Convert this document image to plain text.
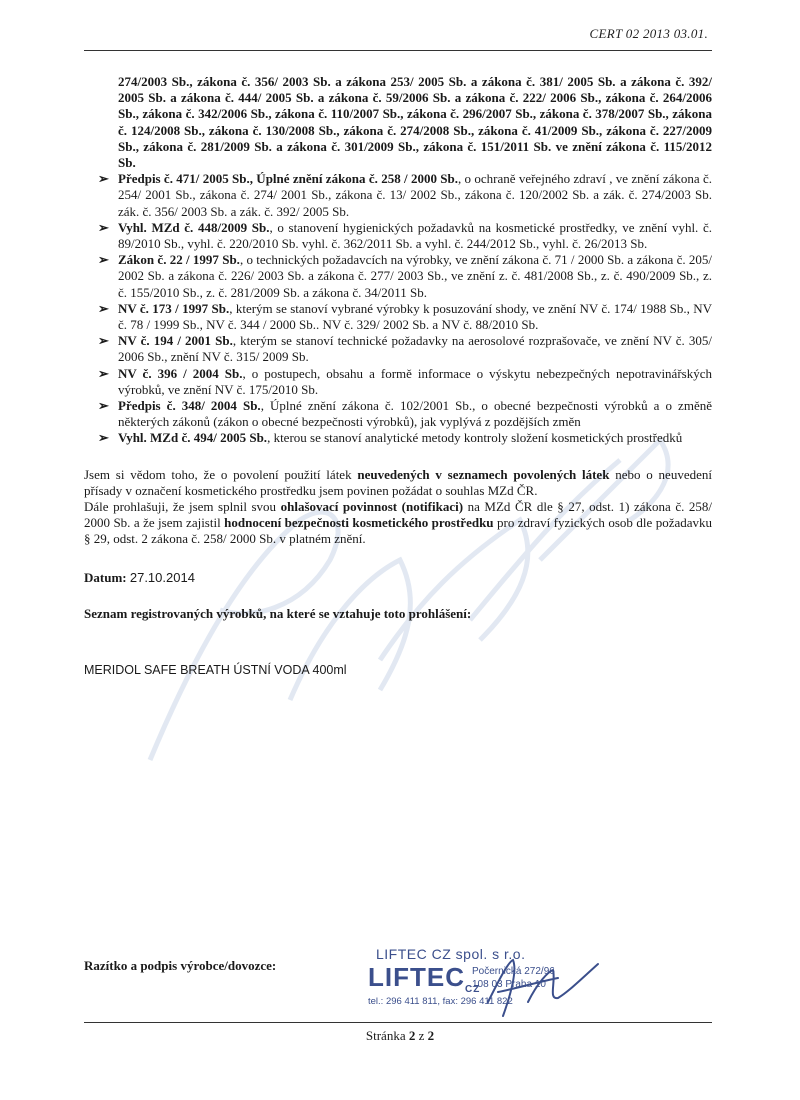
CERT 02 2013 03.01.

274/2003 Sb., zákona č. 356/ 2003 Sb. a zákona 253/ 2005 Sb. a zákona č. 381/ 2005 Sb. a zákona č. 392/ 2005 Sb. a zákona č. 444/ 2005 Sb. a zákona č. 59/2006 Sb. a zákona č. 222/ 2006 Sb., zákona č. 264/2006 Sb., zákona č. 342/2006 Sb., zákona č. 110/2007 Sb., zákona č. 296/2007 Sb., zákona č. 378/2007 Sb., zákona č. 124/2008 Sb., zákona č. 130/2008 Sb., zákona č. 274/2008 Sb., zákona č. 41/2009 Sb., zákona č. 227/2009 Sb., zákona č. 281/2009 Sb. a zákona č. 301/2009 Sb., zákona č. 151/2011 Sb. ve znění zákona č. 115/2012 Sb.

➢ Předpis č. 471/ 2005 Sb., Úplné znění zákona č. 258 / 2000 Sb., o ochraně veřejného zdraví , ve znění zákona č. 254/ 2001 Sb., zákona č. 274/ 2001 Sb., zákona č. 13/ 2002 Sb., zákona č. 120/2002 Sb. a zák. č. 274/2003 Sb. zák. č. 356/ 2003 Sb. a zák. č. 392/ 2005 Sb.
➢ Vyhl. MZd č. 448/2009 Sb., o stanovení hygienických požadavků na kosmetické prostředky, ve znění vyhl. č. 89/2010 Sb., vyhl. č. 220/2010 Sb. vyhl. č. 362/2011 Sb. a vyhl. č. 244/2012 Sb., vyhl. č. 26/2013 Sb.
➢ Zákon č. 22 / 1997 Sb., o technických požadavcích na výrobky, ve znění zákona č. 71 / 2000 Sb. a zákona č. 205/ 2002 Sb. a zákona č. 226/ 2003 Sb. a zákona č. 277/ 2003 Sb., ve znění z. č. 481/2008 Sb., z. č. 490/2009 Sb., z. č. 155/2010 Sb., z. č. 281/2009 Sb. a zákona č. 34/2011 Sb.
➢ NV č. 173 / 1997 Sb., kterým se stanoví vybrané výrobky k posuzování shody, ve znění NV č. 174/ 1988 Sb., NV č. 78 / 1999 Sb., NV č. 344 / 2000 Sb.. NV č. 329/ 2002 Sb. a NV č. 88/2010 Sb.
➢ NV č. 194 / 2001 Sb., kterým se stanoví technické požadavky na aerosolové rozprašovače, ve znění NV č. 305/ 2006 Sb., znění NV č. 315/ 2009 Sb.
➢ NV č. 396 / 2004 Sb., o postupech, obsahu a formě informace o výskytu nebezpečných nepotravinářských výrobků, ve znění NV č. 175/2010 Sb.
➢ Předpis č. 348/ 2004 Sb., Úplné znění zákona č. 102/2001 Sb., o obecné bezpečnosti výrobků a o změně některých zákonů (zákon o obecné bezpečnosti výrobků), jak vyplývá z pozdějších změn
➢ Vyhl. MZd č. 494/ 2005 Sb., kterou se stanoví analytické metody kontroly složení kosmetických prostředků

Jsem si vědom toho, že o povolení použití látek neuvedených v seznamech povolených látek nebo o neuvedení přísady v označení kosmetického prostředku jsem povinen požádat o souhlas MZd ČR.

Dále prohlašuji, že jsem splnil svou ohlašovací povinnost (notifikaci) na MZd ČR dle § 27, odst. 1) zákona č. 258/ 2000 Sb. a že jsem zajistil hodnocení bezpečnosti kosmetického prostředku pro zdraví fyzických osob dle požadavku § 29, odst. 2 zákona č. 258/ 2000 Sb. v platném znění.

Datum: 27.10.2014

Seznam registrovaných výrobků, na které se vztahuje toto prohlášení:

MERIDOL SAFE BREATH ÚSTNÍ VODA 400ml

Razítko a podpis výrobce/dovozce:
LIFTEC CZ spol. s r.o.
$LIFTEC_{CZ}$
Počernická 272/96
108 03 Praha 10
tel.: 296 411 811, fax: 296 411 822
Stránka 2 z 2
